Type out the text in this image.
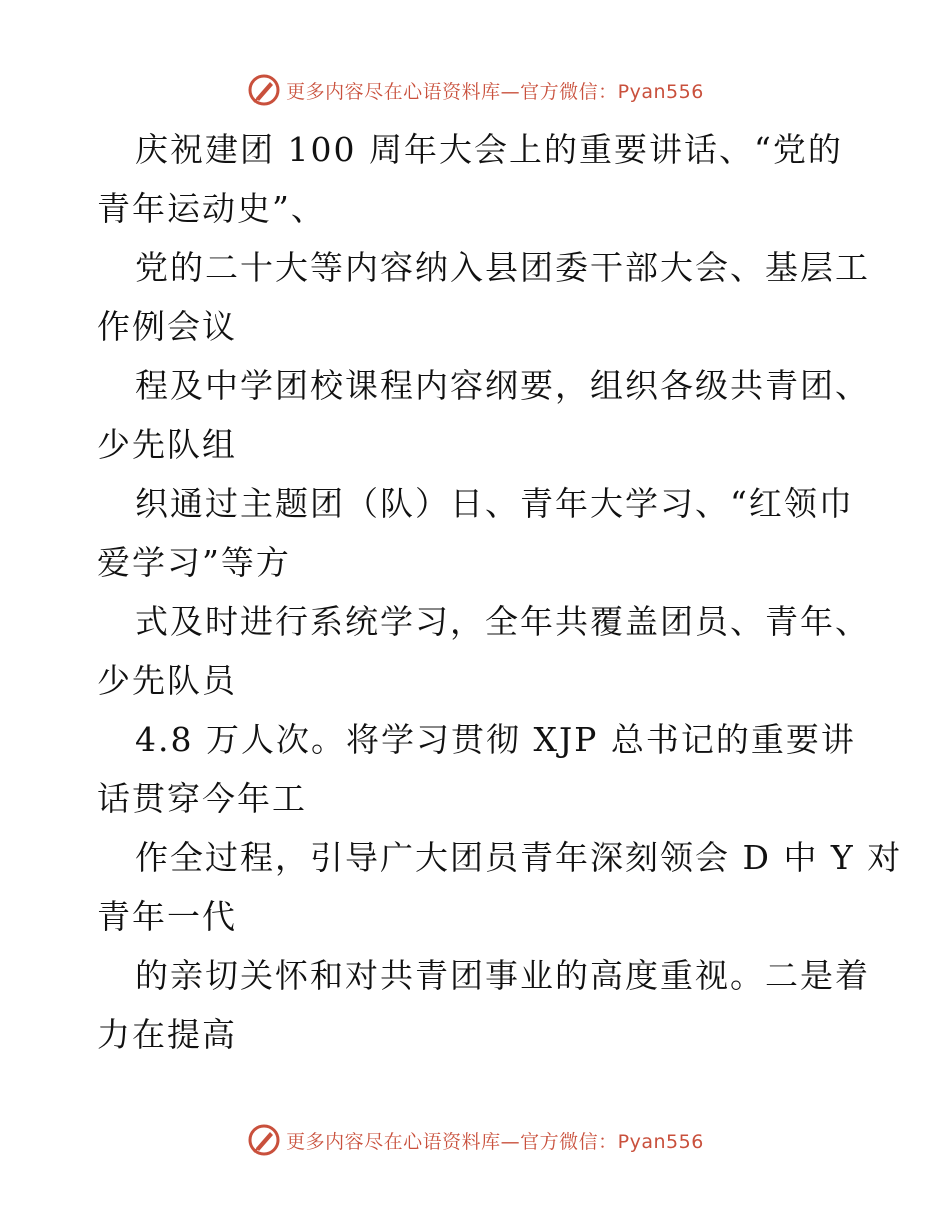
更多内容尽在心语资料库—官方微信：Pyan556

庆祝建团 100 周年大会上的重要讲话、“党的
青年运动史”、

党的二十大等内容纳入县团委干部大会、基层工
作例会议

程及中学团校课程内容纲要，组织各级共青团、
少先队组

织通过主题团（队）日、青年大学习、“红领巾
爱学习”等方

式及时进行系统学习，全年共覆盖团员、青年、
少先队员

4.8 万人次。将学习贯彻 XJP 总书记的重要讲
话贯穿今年工

作全过程，引导广大团员青年深刻领会 D 中 Y 对
青年一代

的亲切关怀和对共青团事业的高度重视。二是着
力在提高

更多内容尽在心语资料库—官方微信：Pyan556
